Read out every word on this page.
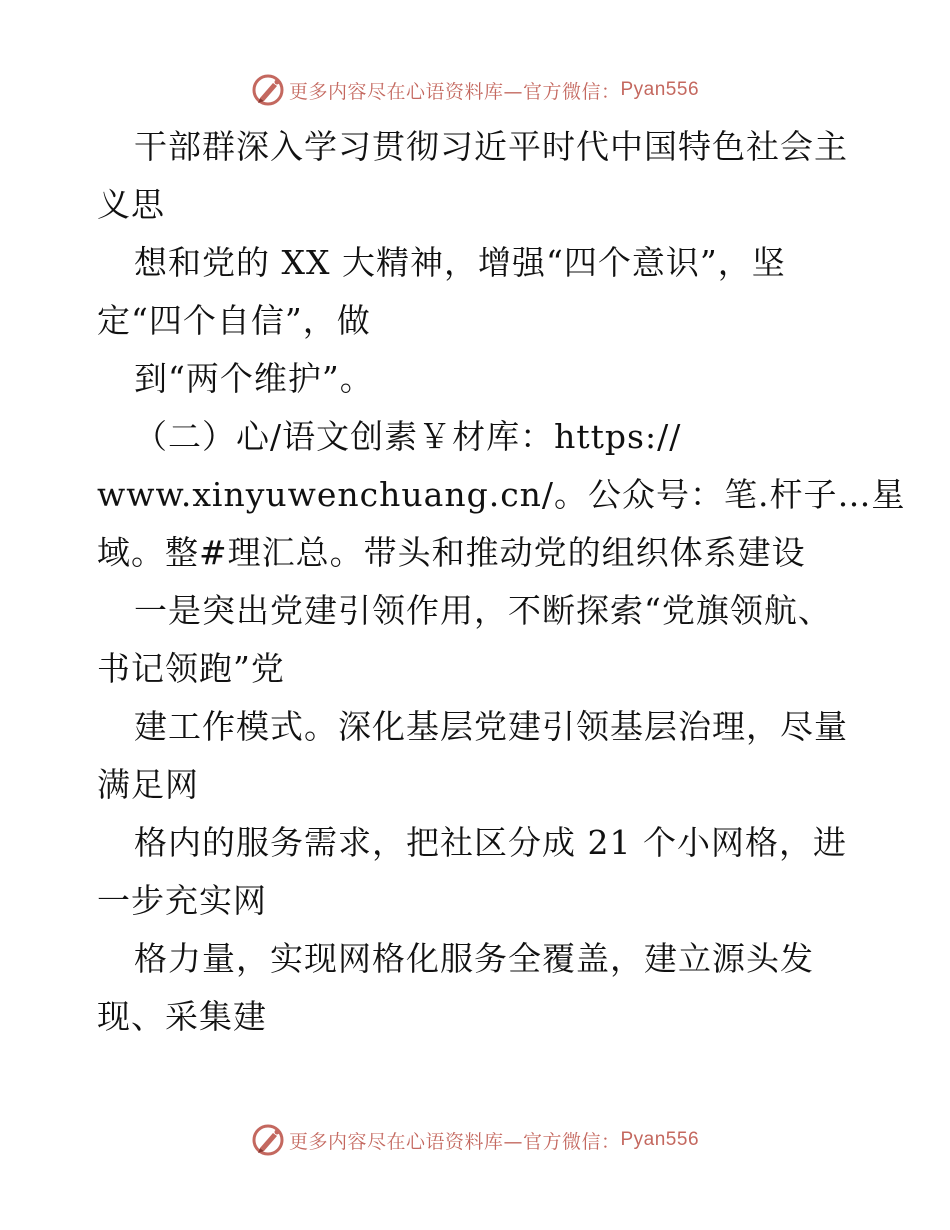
更多内容尽在心语资料库—官方微信： Pyan556
干部群深入学习贯彻习近平时代中国特色社会主
义思
想和党的 XX 大精神，增强“四个意识”，坚
定“四个自信”，做
到“两个维护”。
（二）心/语文创素￥材库：https://
www.xinyuwenchuang.cn/。公众号：笔.杆子…星
域。整#理汇总。带头和推动党的组织体系建设
一是突出党建引领作用，不断探索“党旗领航、
书记领跑”党
建工作模式。深化基层党建引领基层治理，尽量
满足网
格内的服务需求，把社区分成 21 个小网格，进
一步充实网
格力量，实现网格化服务全覆盖，建立源头发
现、采集建
更多内容尽在心语资料库—官方微信： Pyan556
